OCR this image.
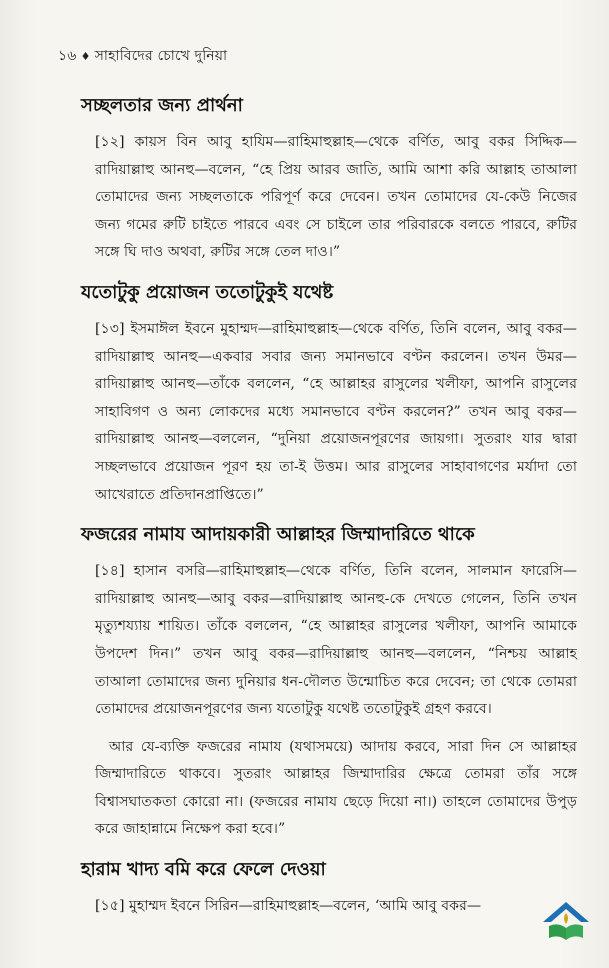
১৬ ♦ সাহাবিদের চোখে দুনিয়া
সচ্ছলতার জন্য প্রার্থনা

[১২] কায়স বিন আবু হাযিম—রাহিমাহুল্লাহ—থেকে বর্ণিত, আবু বকর সিদ্দিক—রাদিয়াল্লাহু আনহু—বলেন, “হে প্রিয় আরব জাতি, আমি আশা করি আল্লাহ তাআলা তোমাদের জন্য সচ্ছলতাকে পরিপূর্ণ করে দেবেন। তখন তোমাদের যে-কেউ নিজের জন্য গমের রুটি চাইতে পারবে এবং সে চাইলে তার পরিবারকে বলতে পারবে, রুটির সঙ্গে ঘি দাও অথবা, রুটির সঙ্গে তেল দাও।”

যতোটুকু প্রয়োজন ততোটুকুই যথেষ্ট

[১৩] ইসমাঈল ইবনে মুহাম্মদ—রাহিমাহুল্লাহ—থেকে বর্ণিত, তিনি বলেন, আবু বকর—রাদিয়াল্লাহু আনহু—একবার সবার জন্য সমানভাবে বণ্টন করলেন। তখন উমর—রাদিয়াল্লাহু আনহু—তাঁকে বললেন, “হে আল্লাহর রাসুলের খলীফা, আপনি রাসুলের সাহাবিগণ ও অন্য লোকদের মধ্যে সমানভাবে বণ্টন করলেন?” তখন আবু বকর—রাদিয়াল্লাহু আনহু—বললেন, “দুনিয়া প্রয়োজনপূরণের জায়গা। সুতরাং যার দ্বারা সচ্ছলভাবে প্রয়োজন পূরণ হয় তা-ই উত্তম। আর রাসুলের সাহাবাগণের মর্যাদা তো আখেরাতে প্রতিদানপ্রাপ্তিতে।”

ফজরের নামায আদায়কারী আল্লাহর জিম্মাদারিতে থাকে

[১৪] হাসান বসরি—রাহিমাহুল্লাহ—থেকে বর্ণিত, তিনি বলেন, সালমান ফারেসি—রাদিয়াল্লাহু আনহু—আবু বকর—রাদিয়াল্লাহু আনহু-কে দেখতে গেলেন, তিনি তখন মৃত্যুশয্যায় শায়িত। তাঁকে বললেন, “হে আল্লাহর রাসুলের খলীফা, আপনি আমাকে উপদেশ দিন।” তখন আবু বকর—রাদিয়াল্লাহু আনহু—বললেন, “নিশ্চয় আল্লাহ তাআলা তোমাদের জন্য দুনিয়ার ধন-দৌলত উন্মোচিত করে দেবেন; তা থেকে তোমরা তোমাদের প্রয়োজনপূরণের জন্য যতোটুকু যথেষ্ট ততোটুকুই গ্রহণ করবে।

আর যে-ব্যক্তি ফজরের নামায (যথাসময়ে) আদায় করবে, সারা দিন সে আল্লাহর জিম্মাদারিতে থাকবে। সুতরাং আল্লাহর জিম্মাদারির ক্ষেত্রে তোমরা তাঁর সঙ্গে বিশ্বাসঘাতকতা কোরো না। (ফজরের নামায ছেড়ে দিয়ো না।) তাহলে তোমাদের উপুড় করে জাহান্নামে নিক্ষেপ করা হবে।”

হারাম খাদ্য বমি করে ফেলে দেওয়া

[১৫] মুহাম্মদ ইবনে সিরিন—রাহিমাহুল্লাহ—বলেন, ‘আমি আবু বকর—
